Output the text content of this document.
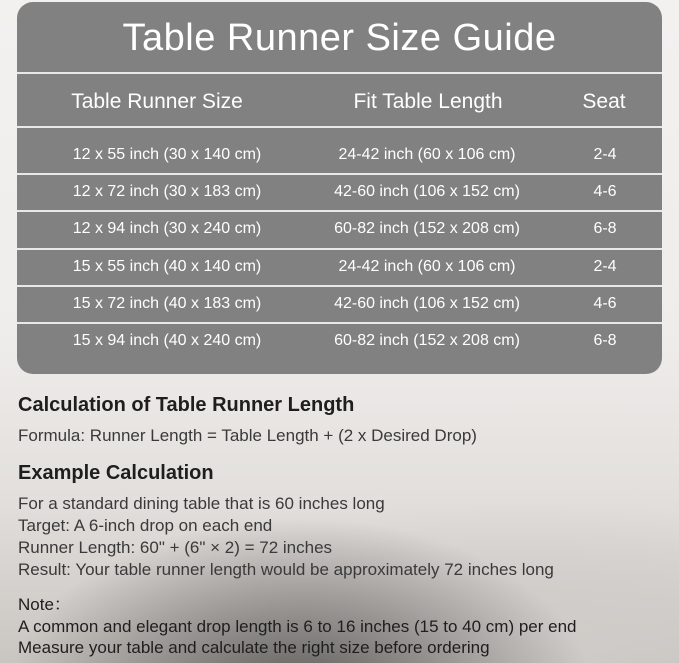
Table Runner Size Guide
Table Runner Size	Fit Table Length	Seat
12 x 55 inch (30 x 140 cm)	24-42 inch (60 x 106 cm)	2-4
12 x 72 inch (30 x 183 cm)	42-60 inch (106 x 152 cm)	4-6
12 x 94 inch (30 x 240 cm)	60-82 inch (152 x 208 cm)	6-8
15 x 55 inch (40 x 140 cm)	24-42 inch (60 x 106 cm)	2-4
15 x 72 inch (40 x 183 cm)	42-60 inch (106 x 152 cm)	4-6
15 x 94 inch (40 x 240 cm)	60-82 inch (152 x 208 cm)	6-8
Calculation of Table Runner Length
Formula: Runner Length = Table Length + (2 x Desired Drop)
Example Calculation
For a standard dining table that is 60 inches long
Target: A 6-inch drop on each end
Runner Length: 60" + (6" × 2) = 72 inches
Result: Your table runner length would be approximately 72 inches long
Note：
A common and elegant drop length is 6 to 16 inches (15 to 40 cm) per end
Measure your table and calculate the right size before ordering
